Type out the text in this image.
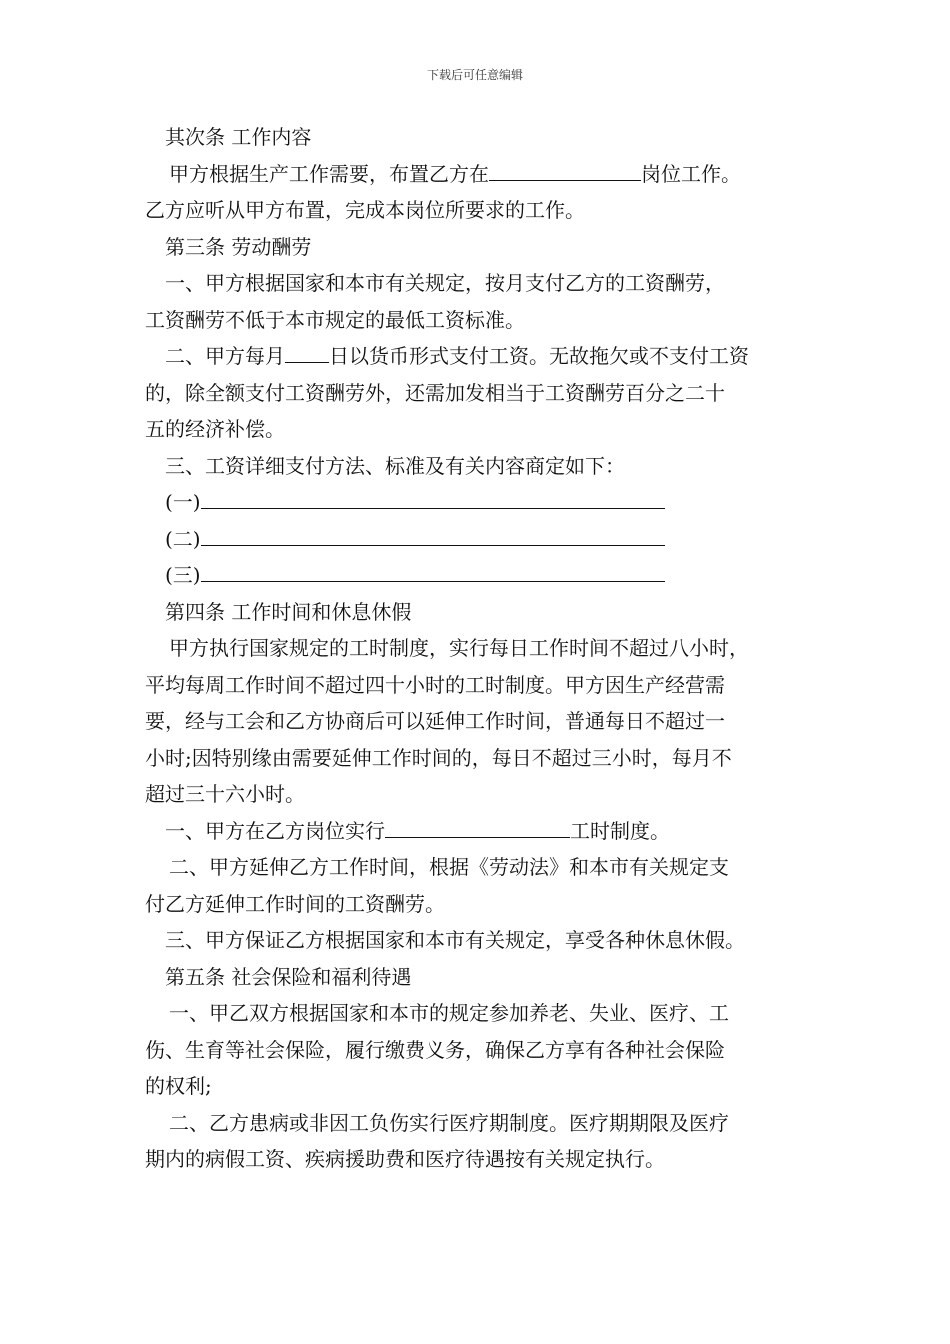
下载后可任意编辑

其次条 工作内容

甲方根据生产工作需要，布置乙方在	岗位工作。

乙方应听从甲方布置，完成本岗位所要求的工作。

第三条 劳动酬劳

一、甲方根据国家和本市有关规定，按月支付乙方的工资酬劳，

工资酬劳不低于本市规定的最低工资标准。

二、甲方每月 日以货币形式支付工资。无故拖欠或不支付工资

的，除全额支付工资酬劳外，还需加发相当于工资酬劳百分之二十

五的经济补偿。

三、工资详细支付方法、标准及有关内容商定如下：

(一)

(二)

(三)

第四条 工作时间和休息休假

甲方执行国家规定的工时制度，实行每日工作时间不超过八小时，

平均每周工作时间不超过四十小时的工时制度。甲方因生产经营需

要，经与工会和乙方协商后可以延伸工作时间，普通每日不超过一

小时;因特别缘由需要延伸工作时间的，每日不超过三小时，每月不

超过三十六小时。

一、甲方在乙方岗位实行	工时制度。

二、甲方延伸乙方工作时间，根据《劳动法》和本市有关规定支

付乙方延伸工作时间的工资酬劳。

三、甲方保证乙方根据国家和本市有关规定，享受各种休息休假。

第五条 社会保险和福利待遇

一、甲乙双方根据国家和本市的规定参加养老、失业、医疗、工

伤、生育等社会保险，履行缴费义务，确保乙方享有各种社会保险

的权利;

二、乙方患病或非因工负伤实行医疗期制度。医疗期期限及医疗

期内的病假工资、疾病援助费和医疗待遇按有关规定执行。
